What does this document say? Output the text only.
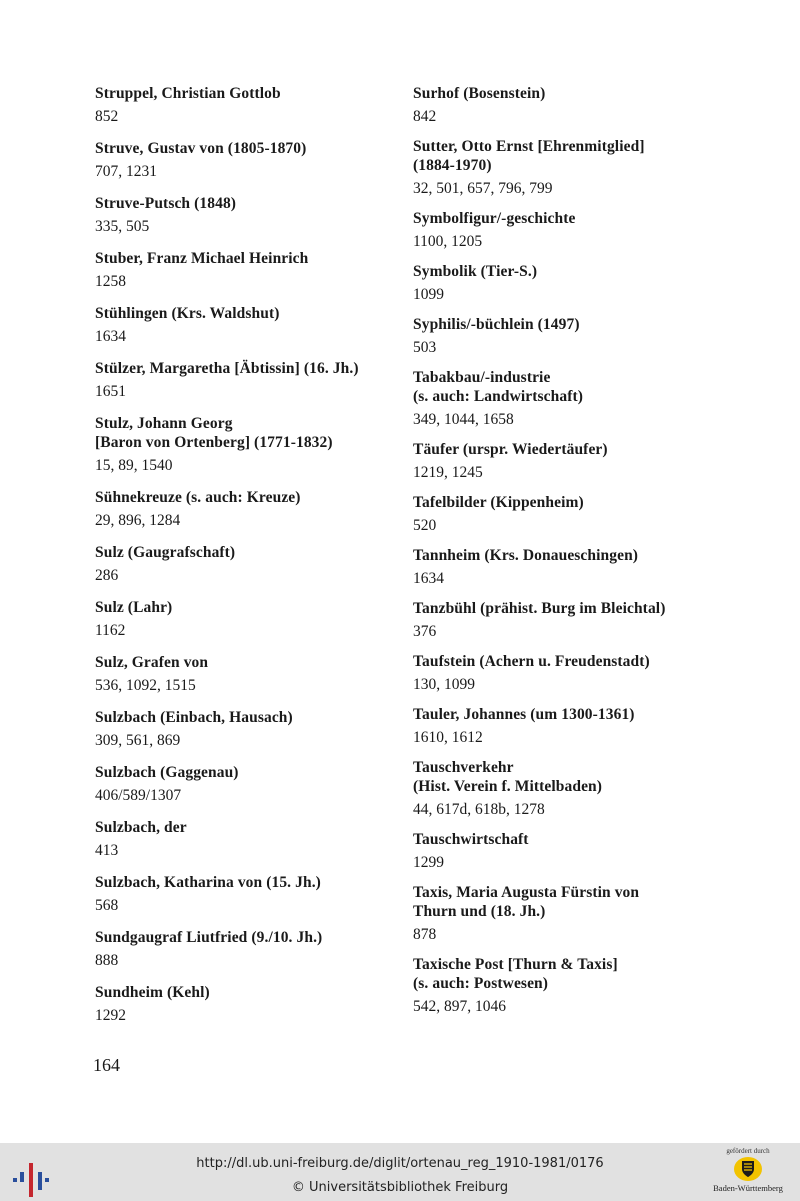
Struppel, Christian Gottlob
852
Struve, Gustav von (1805-1870)
707, 1231
Struve-Putsch (1848)
335, 505
Stuber, Franz Michael Heinrich
1258
Stühlingen (Krs. Waldshut)
1634
Stülzer, Margaretha [Äbtissin] (16. Jh.)
1651
Stulz, Johann Georg
[Baron von Ortenberg] (1771-1832)
15, 89, 1540
Sühnekreuze (s. auch: Kreuze)
29, 896, 1284
Sulz (Gaugrafschaft)
286
Sulz (Lahr)
1162
Sulz, Grafen von
536, 1092, 1515
Sulzbach (Einbach, Hausach)
309, 561, 869
Sulzbach (Gaggenau)
406/589/1307
Sulzbach, der
413
Sulzbach, Katharina von (15. Jh.)
568
Sundgaugraf Liutfried (9./10. Jh.)
888
Sundheim (Kehl)
1292
Surhof (Bosenstein)
842
Sutter, Otto Ernst [Ehrenmitglied]
(1884-1970)
32, 501, 657, 796, 799
Symbolfigur/-geschichte
1100, 1205
Symbolik (Tier-S.)
1099
Syphilis/-büchlein (1497)
503
Tabakbau/-industrie
(s. auch: Landwirtschaft)
349, 1044, 1658
Täufer (urspr. Wiedertäufer)
1219, 1245
Tafelbilder (Kippenheim)
520
Tannheim (Krs. Donaueschingen)
1634
Tanzbühl (prähist. Burg im Bleichtal)
376
Taufstein (Achern u. Freudenstadt)
130, 1099
Tauler, Johannes (um 1300-1361)
1610, 1612
Tauschverkehr
(Hist. Verein f. Mittelbaden)
44, 617d, 618b, 1278
Tauschwirtschaft
1299
Taxis, Maria Augusta Fürstin von
Thurn und (18. Jh.)
878
Taxische Post [Thurn & Taxis]
(s. auch: Postwesen)
542, 897, 1046
164
http://dl.ub.uni-freiburg.de/diglit/ortenau_reg_1910-1981/0176
© Universitätsbibliothek Freiburg
gefördert durch
Baden-Württemberg
